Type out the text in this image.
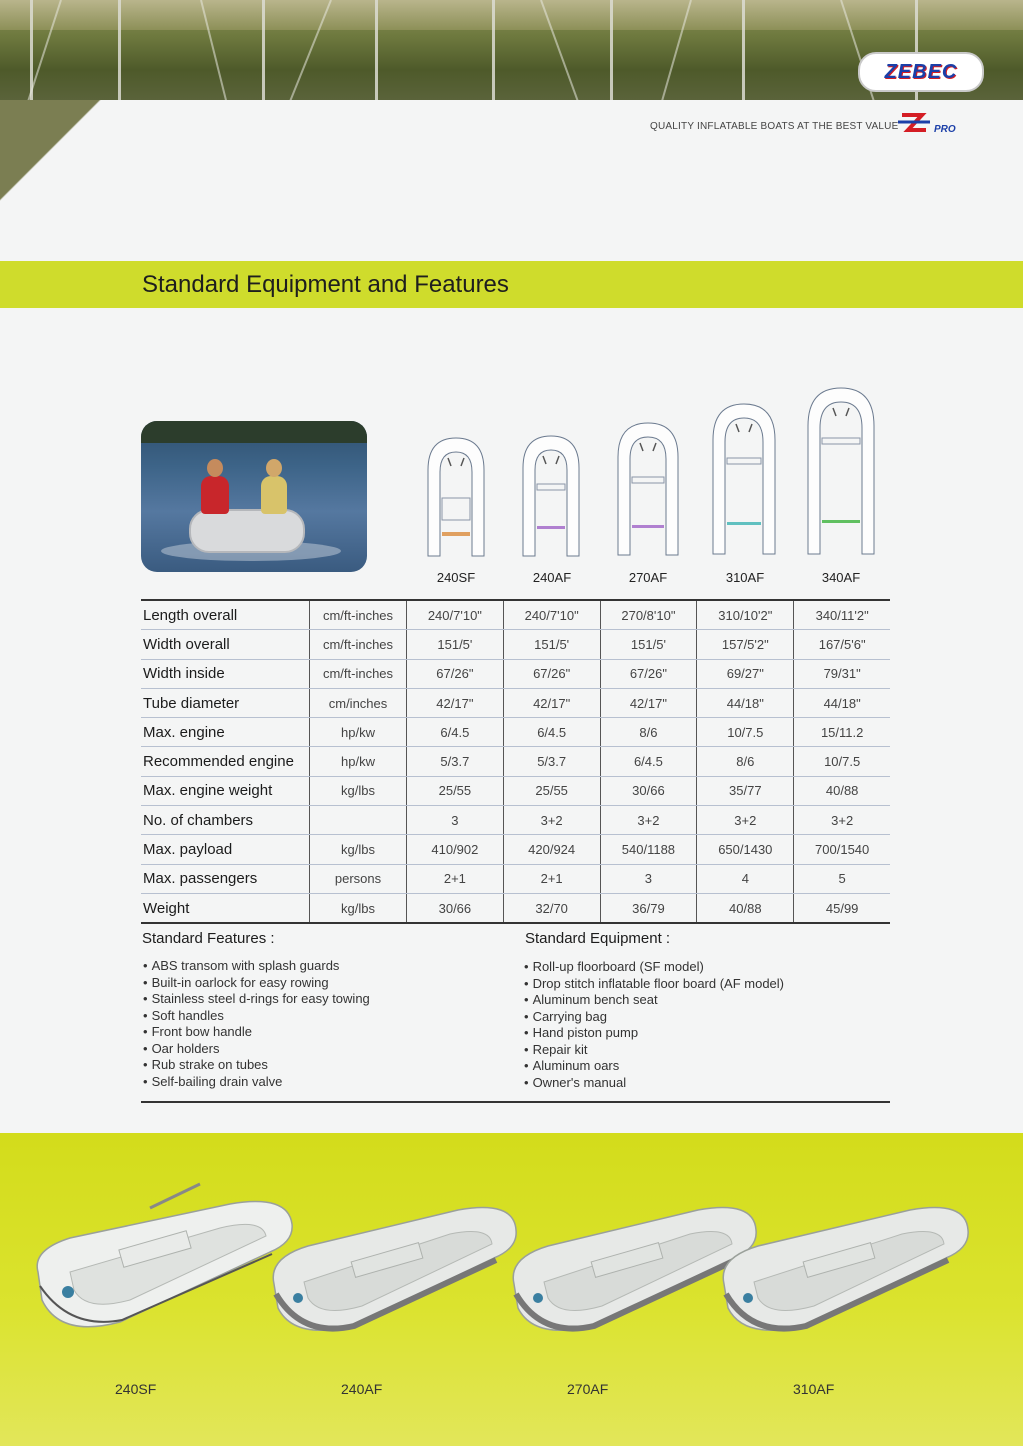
ZEBEC
QUALITY INFLATABLE BOATS AT THE BEST VALUE	PRO
Standard Equipment and Features
240SF	240AF	270AF	310AF	340AF
Length overall	cm/ft-inches	240/7'10"	240/7'10"	270/8'10"	310/10'2"	340/11'2"
Width overall	cm/ft-inches	151/5'	151/5'	151/5'	157/5'2"	167/5'6"
Width inside	cm/ft-inches	67/26"	67/26"	67/26"	69/27"	79/31"
Tube diameter	cm/inches	42/17"	42/17"	42/17"	44/18"	44/18"
Max. engine	hp/kw	6/4.5	6/4.5	8/6	10/7.5	15/11.2
Recommended engine	hp/kw	5/3.7	5/3.7	6/4.5	8/6	10/7.5
Max. engine weight	kg/lbs	25/55	25/55	30/66	35/77	40/88
No. of chambers		3	3+2	3+2	3+2	3+2
Max. payload	kg/lbs	410/902	420/924	540/1188	650/1430	700/1540
Max. passengers	persons	2+1	2+1	3	4	5
Weight	kg/lbs	30/66	32/70	36/79	40/88	45/99
Standard Features :
• ABS transom with splash guards
• Built-in oarlock for easy rowing
• Stainless steel d-rings for easy towing
• Soft handles
• Front bow handle
• Oar holders
• Rub strake on tubes
• Self-bailing drain valve
Standard Equipment :
• Roll-up floorboard (SF model)
• Drop stitch inflatable floor board (AF model)
• Aluminum bench seat
• Carrying bag
• Hand piston pump
• Repair kit
• Aluminum oars
• Owner's manual
240SF	240AF	270AF	310AF
